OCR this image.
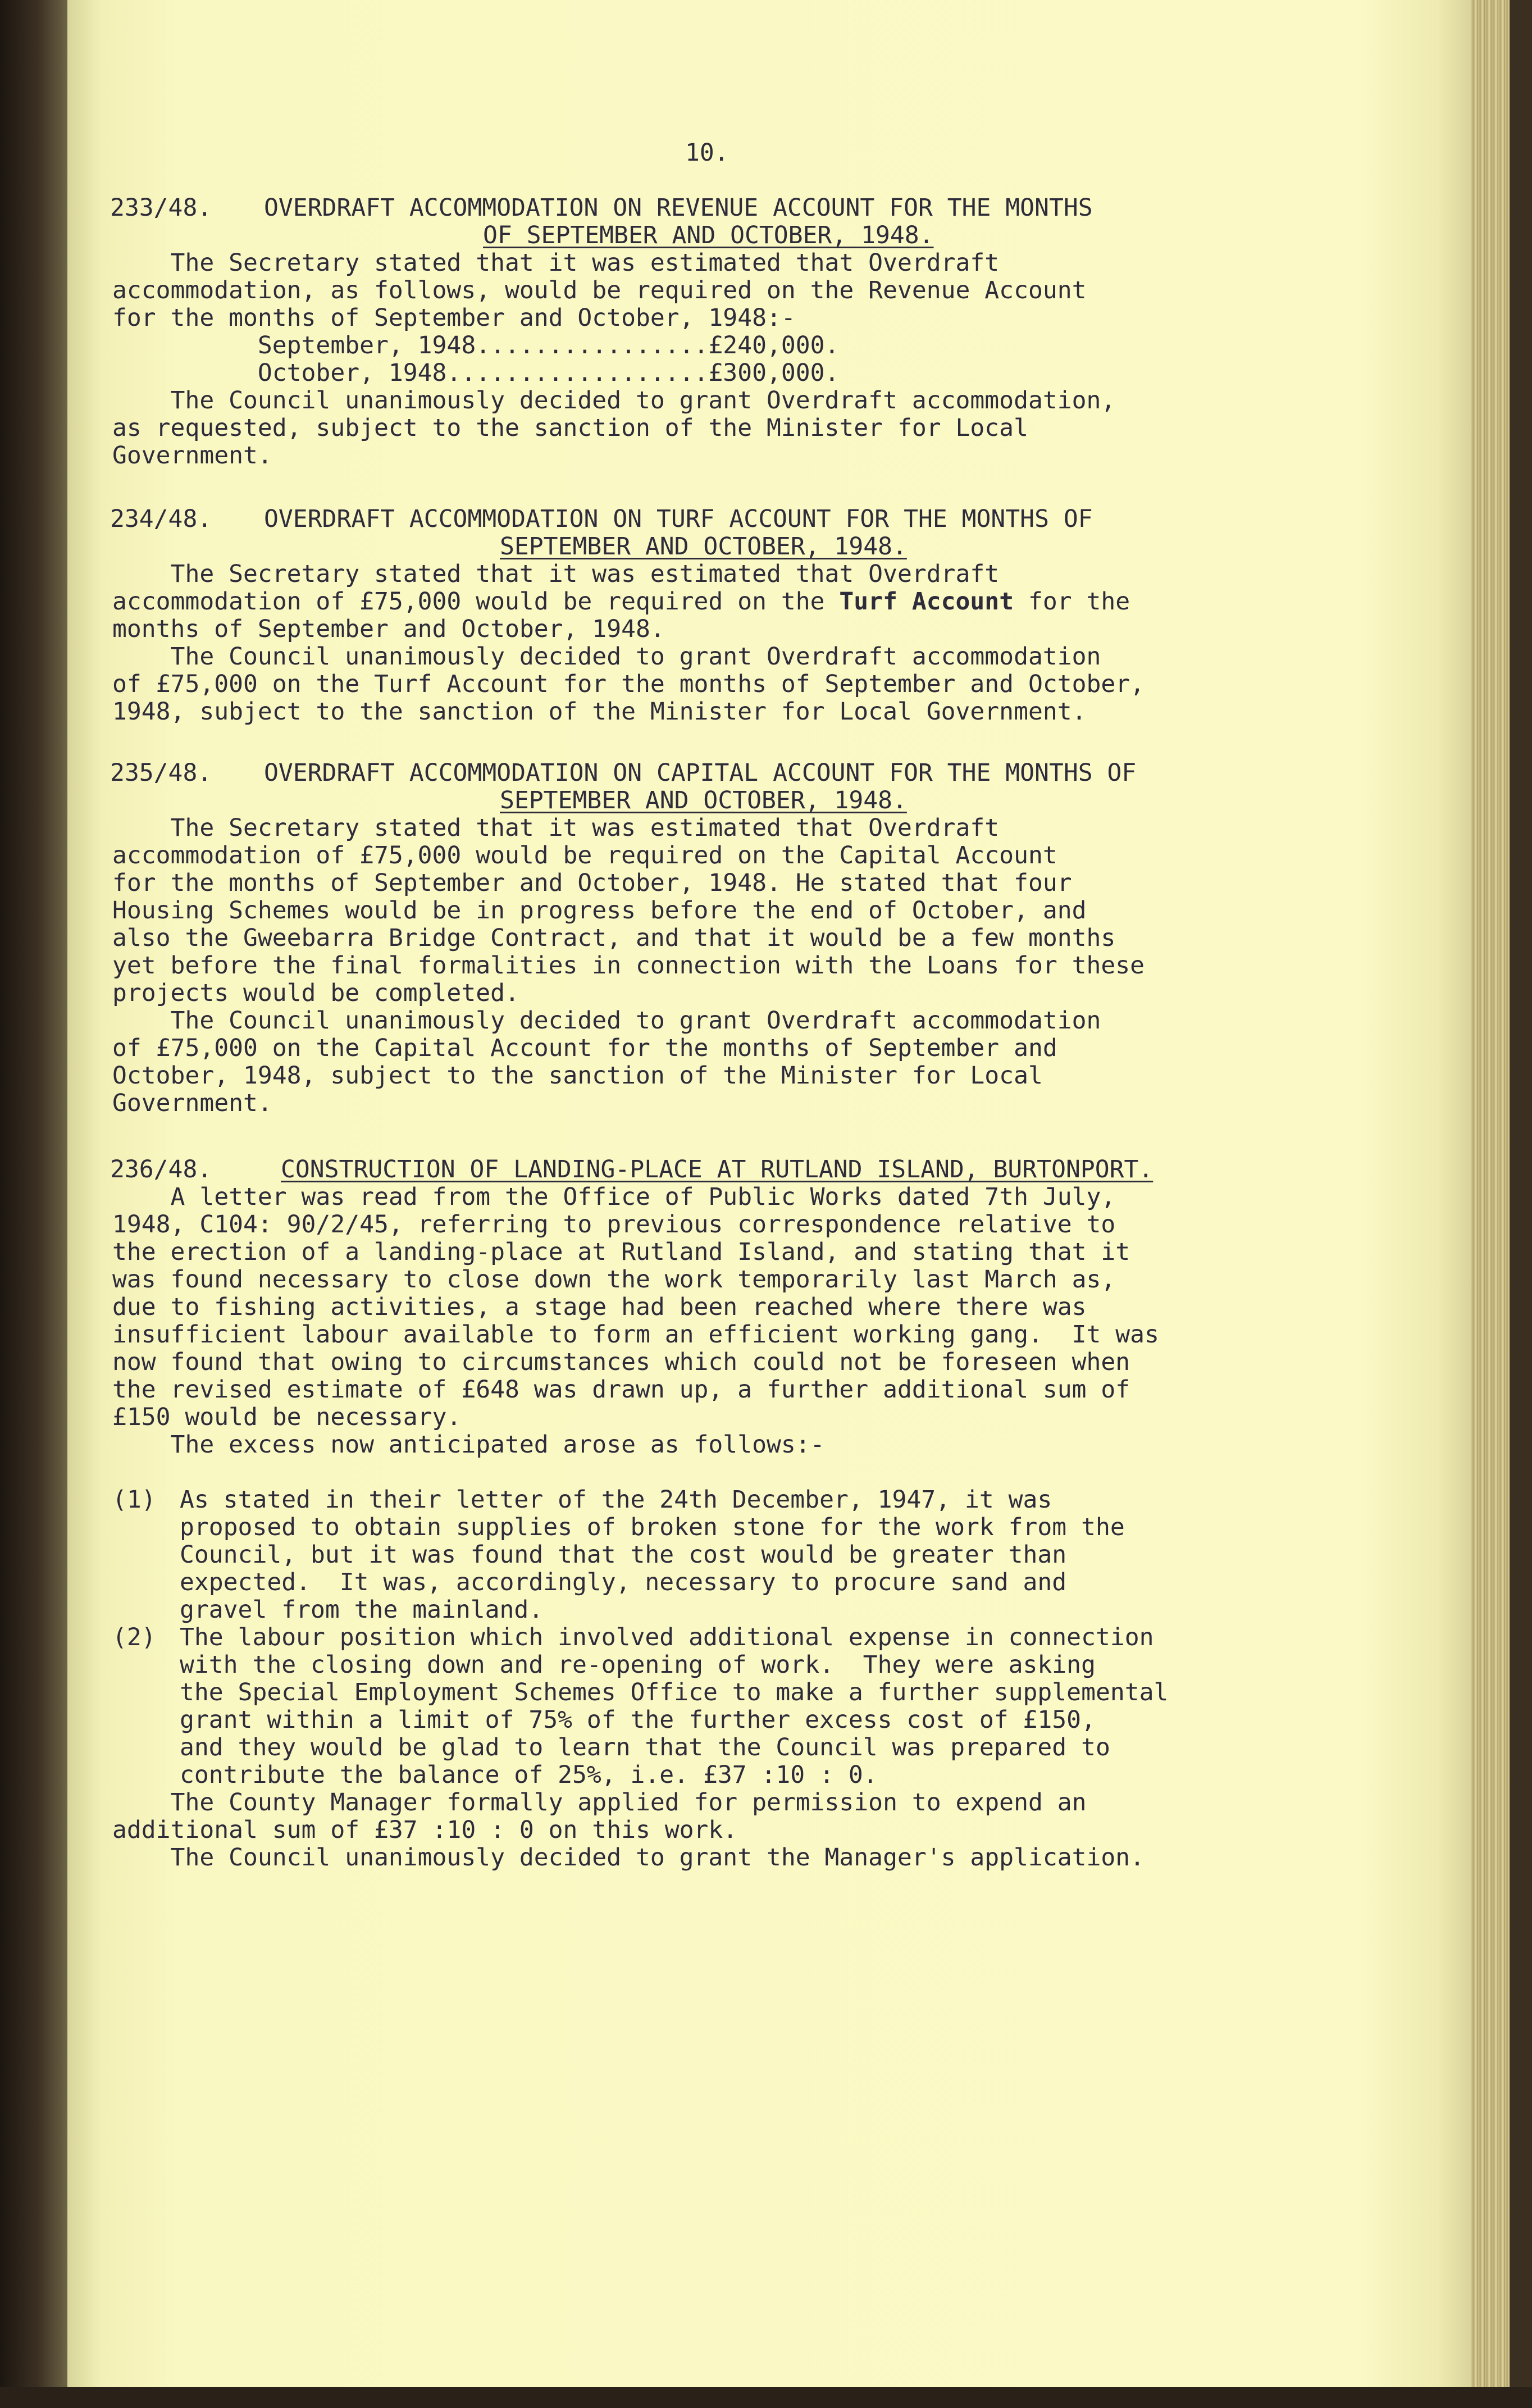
10.
233/48. OVERDRAFT ACCOMMODATION ON REVENUE ACCOUNT FOR THE MONTHS
OF SEPTEMBER AND OCTOBER, 1948.
The Secretary stated that it was estimated that Overdraft
accommodation, as follows, would be required on the Revenue Account
for the months of September and October, 1948:-
September, 1948................£240,000.
October, 1948..................£300,000.
The Council unanimously decided to grant Overdraft accommodation,
as requested, subject to the sanction of the Minister for Local
Government.
234/48. OVERDRAFT ACCOMMODATION ON TURF ACCOUNT FOR THE MONTHS OF
SEPTEMBER AND OCTOBER, 1948.
The Secretary stated that it was estimated that Overdraft
accommodation of £75,000 would be required on the Turf Account for the
months of September and October, 1948.
The Council unanimously decided to grant Overdraft accommodation
of £75,000 on the Turf Account for the months of September and October,
1948, subject to the sanction of the Minister for Local Government.
235/48. OVERDRAFT ACCOMMODATION ON CAPITAL ACCOUNT FOR THE MONTHS OF
SEPTEMBER AND OCTOBER, 1948.
The Secretary stated that it was estimated that Overdraft
accommodation of £75,000 would be required on the Capital Account
for the months of September and October, 1948. He stated that four
Housing Schemes would be in progress before the end of October, and
also the Gweebarra Bridge Contract, and that it would be a few months
yet before the final formalities in connection with the Loans for these
projects would be completed.
The Council unanimously decided to grant Overdraft accommodation
of £75,000 on the Capital Account for the months of September and
October, 1948, subject to the sanction of the Minister for Local
Government.
236/48.	CONSTRUCTION OF LANDING-PLACE AT RUTLAND ISLAND, BURTONPORT.
A letter was read from the Office of Public Works dated 7th July,
1948, C104: 90/2/45, referring to previous correspondence relative to
the erection of a landing-place at Rutland Island, and stating that it
was found necessary to close down the work temporarily last March as,
due to fishing activities, a stage had been reached where there was
insufficient labour available to form an efficient working gang.  It was
now found that owing to circumstances which could not be foreseen when
the revised estimate of £648 was drawn up, a further additional sum of
£150 would be necessary.
The excess now anticipated arose as follows:-
(1) As stated in their letter of the 24th December, 1947, it was
proposed to obtain supplies of broken stone for the work from the
Council, but it was found that the cost would be greater than
expected.  It was, accordingly, necessary to procure sand and
gravel from the mainland.
(2) The labour position which involved additional expense in connection
with the closing down and re-opening of work.  They were asking
the Special Employment Schemes Office to make a further supplemental
grant within a limit of 75% of the further excess cost of £150,
and they would be glad to learn that the Council was prepared to
contribute the balance of 25%, i.e. £37 :10 : 0.
The County Manager formally applied for permission to expend an
additional sum of £37 :10 : 0 on this work.
The Council unanimously decided to grant the Manager's application.
